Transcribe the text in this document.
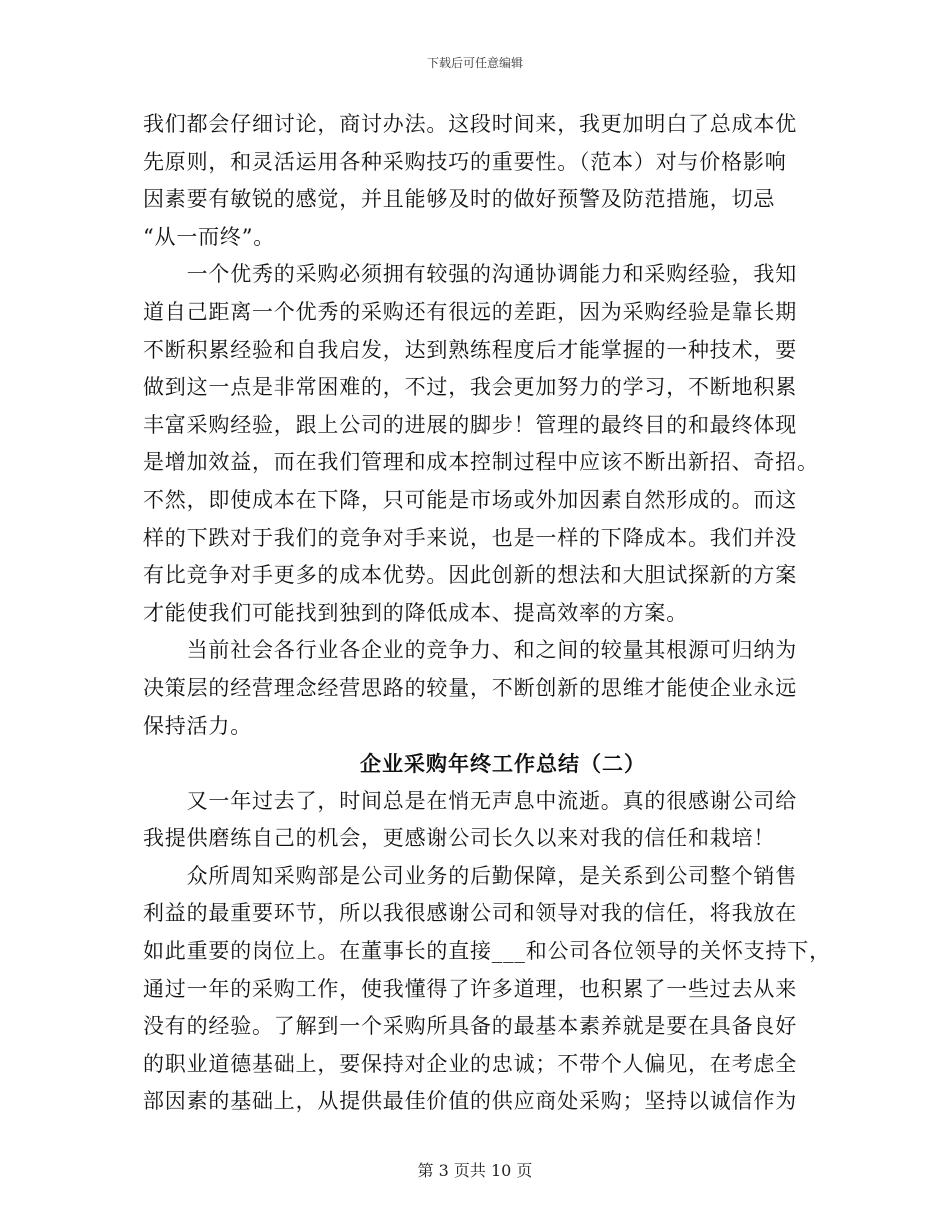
下载后可任意编辑
我们都会仔细讨论，商讨办法。这段时间来，我更加明白了总成本优
先原则，和灵活运用各种采购技巧的重要性。（范本）对与价格影响
因素要有敏锐的感觉，并且能够及时的做好预警及防范措施，切忌
“从一而终”。
　　一个优秀的采购必须拥有较强的沟通协调能力和采购经验，我知
道自己距离一个优秀的采购还有很远的差距，因为采购经验是靠长期
不断积累经验和自我启发，达到熟练程度后才能掌握的一种技术，要
做到这一点是非常困难的，不过，我会更加努力的学习，不断地积累
丰富采购经验，跟上公司的进展的脚步！管理的最终目的和最终体现
是增加效益，而在我们管理和成本控制过程中应该不断出新招、奇招。
不然，即使成本在下降，只可能是市场或外加因素自然形成的。而这
样的下跌对于我们的竞争对手来说，也是一样的下降成本。我们并没
有比竞争对手更多的成本优势。因此创新的想法和大胆试探新的方案
才能使我们可能找到独到的降低成本、提高效率的方案。
　　当前社会各行业各企业的竞争力、和之间的较量其根源可归纳为
决策层的经营理念经营思路的较量，不断创新的思维才能使企业永远
保持活力。
企业采购年终工作总结（二）
　　又一年过去了，时间总是在悄无声息中流逝。真的很感谢公司给
我提供磨练自己的机会，更感谢公司长久以来对我的信任和栽培！
　　众所周知采购部是公司业务的后勤保障，是关系到公司整个销售
利益的最重要环节，所以我很感谢公司和领导对我的信任，将我放在
如此重要的岗位上。在董事长的直接___和公司各位领导的关怀支持下，
通过一年的采购工作，使我懂得了许多道理，也积累了一些过去从来
没有的经验。了解到一个采购所具备的最基本素养就是要在具备良好
的职业道德基础上，要保持对企业的忠诚；不带个人偏见，在考虑全
部因素的基础上，从提供最佳价值的供应商处采购；坚持以诚信作为
第 3 页共 10 页
